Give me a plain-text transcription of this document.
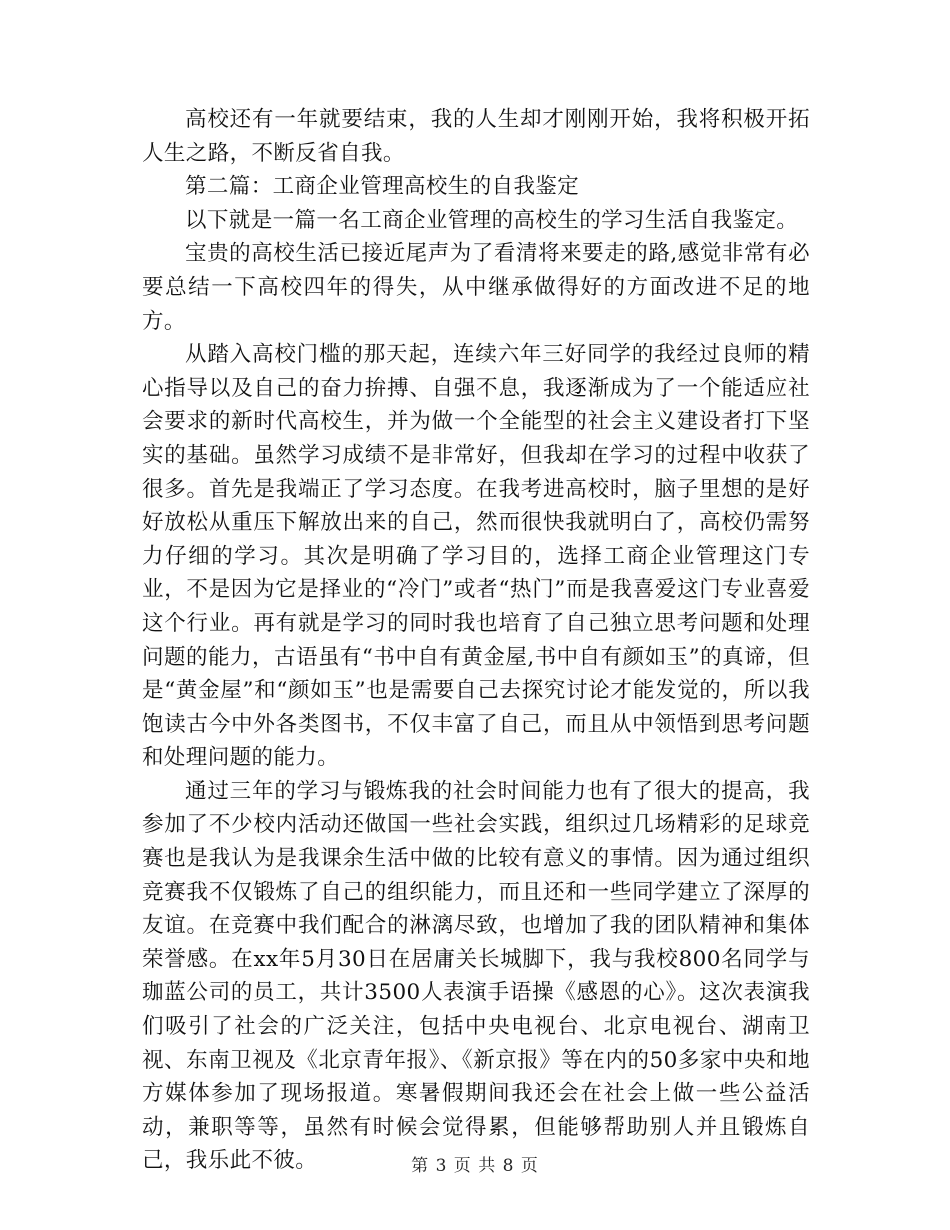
高校还有一年就要结束，我的人生却才刚刚开始，我将积极开拓人生之路，不断反省自我。

第二篇：工商企业管理高校生的自我鉴定

以下就是一篇一名工商企业管理的高校生的学习生活自我鉴定。

宝贵的高校生活已接近尾声为了看清将来要走的路,感觉非常有必要总结一下高校四年的得失，从中继承做得好的方面改进不足的地方。

从踏入高校门槛的那天起，连续六年三好同学的我经过良师的精心指导以及自己的奋力拚搏、自强不息，我逐渐成为了一个能适应社会要求的新时代高校生，并为做一个全能型的社会主义建设者打下坚实的基础。虽然学习成绩不是非常好，但我却在学习的过程中收获了很多。首先是我端正了学习态度。在我考进高校时，脑子里想的是好好放松从重压下解放出来的自己，然而很快我就明白了，高校仍需努力仔细的学习。其次是明确了学习目的，选择工商企业管理这门专业，不是因为它是择业的“冷门”或者“热门”而是我喜爱这门专业喜爱这个行业。再有就是学习的同时我也培育了自己独立思考问题和处理问题的能力，古语虽有“书中自有黄金屋,书中自有颜如玉”的真谛，但是“黄金屋”和“颜如玉”也是需要自己去探究讨论才能发觉的，所以我饱读古今中外各类图书，不仅丰富了自己，而且从中领悟到思考问题和处理问题的能力。

通过三年的学习与锻炼我的社会时间能力也有了很大的提高，我参加了不少校内活动还做国一些社会实践，组织过几场精彩的足球竞赛也是我认为是我课余生活中做的比较有意义的事情。因为通过组织竞赛我不仅锻炼了自己的组织能力，而且还和一些同学建立了深厚的友谊。在竞赛中我们配合的淋漓尽致，也增加了我的团队精神和集体荣誉感。在xx年5月30日在居庸关长城脚下，我与我校800名同学与珈蓝公司的员工，共计3500人表演手语操《感恩的心》。这次表演我们吸引了社会的广泛关注，包括中央电视台、北京电视台、湖南卫视、东南卫视及《北京青年报》、《新京报》等在内的50多家中央和地方媒体参加了现场报道。寒暑假期间我还会在社会上做一些公益活动，兼职等等，虽然有时候会觉得累，但能够帮助别人并且锻炼自己，我乐此不彼。	第 3 页 共 8 页
